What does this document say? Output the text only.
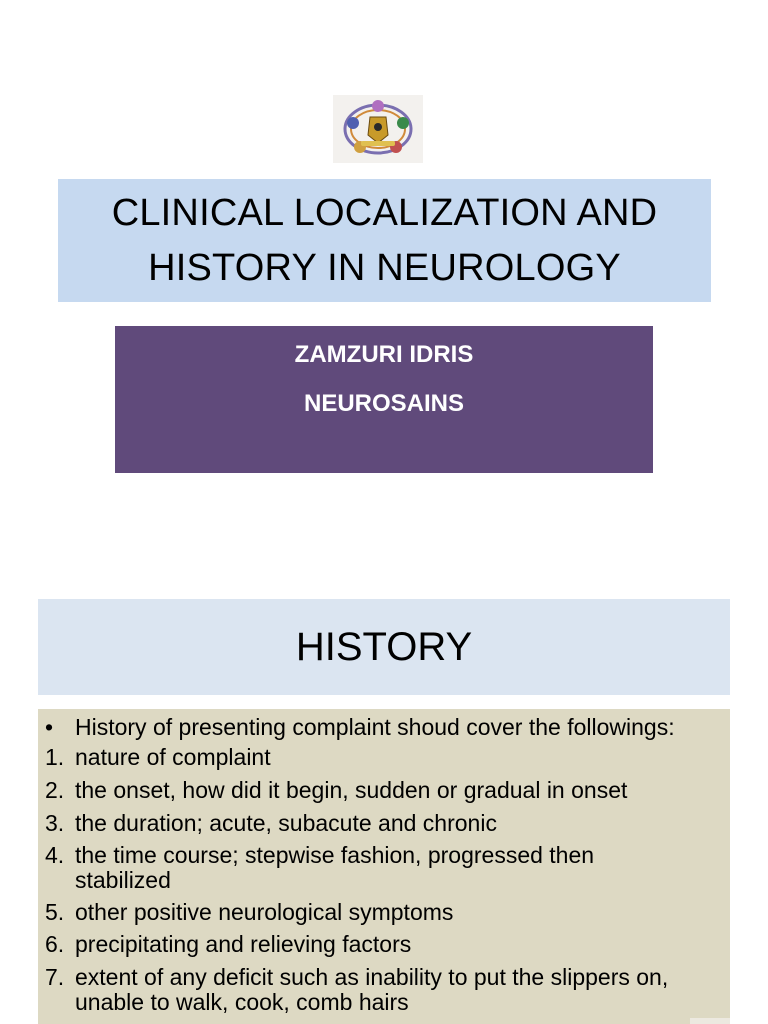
CLINICAL LOCALIZATION AND
HISTORY IN NEUROLOGY
ZAMZURI IDRIS
NEUROSAINS
HISTORY
• History of presenting complaint shoud cover the followings:
1. nature of complaint
2. the onset, how did it begin, sudden or gradual in onset
3. the duration; acute, subacute and chronic
4. the time course; stepwise fashion, progressed then
stabilized
5. other positive neurological symptoms
6. precipitating and relieving factors
7. extent of any deficit such as inability to put the slippers on,
unable to walk, cook, comb hairs
